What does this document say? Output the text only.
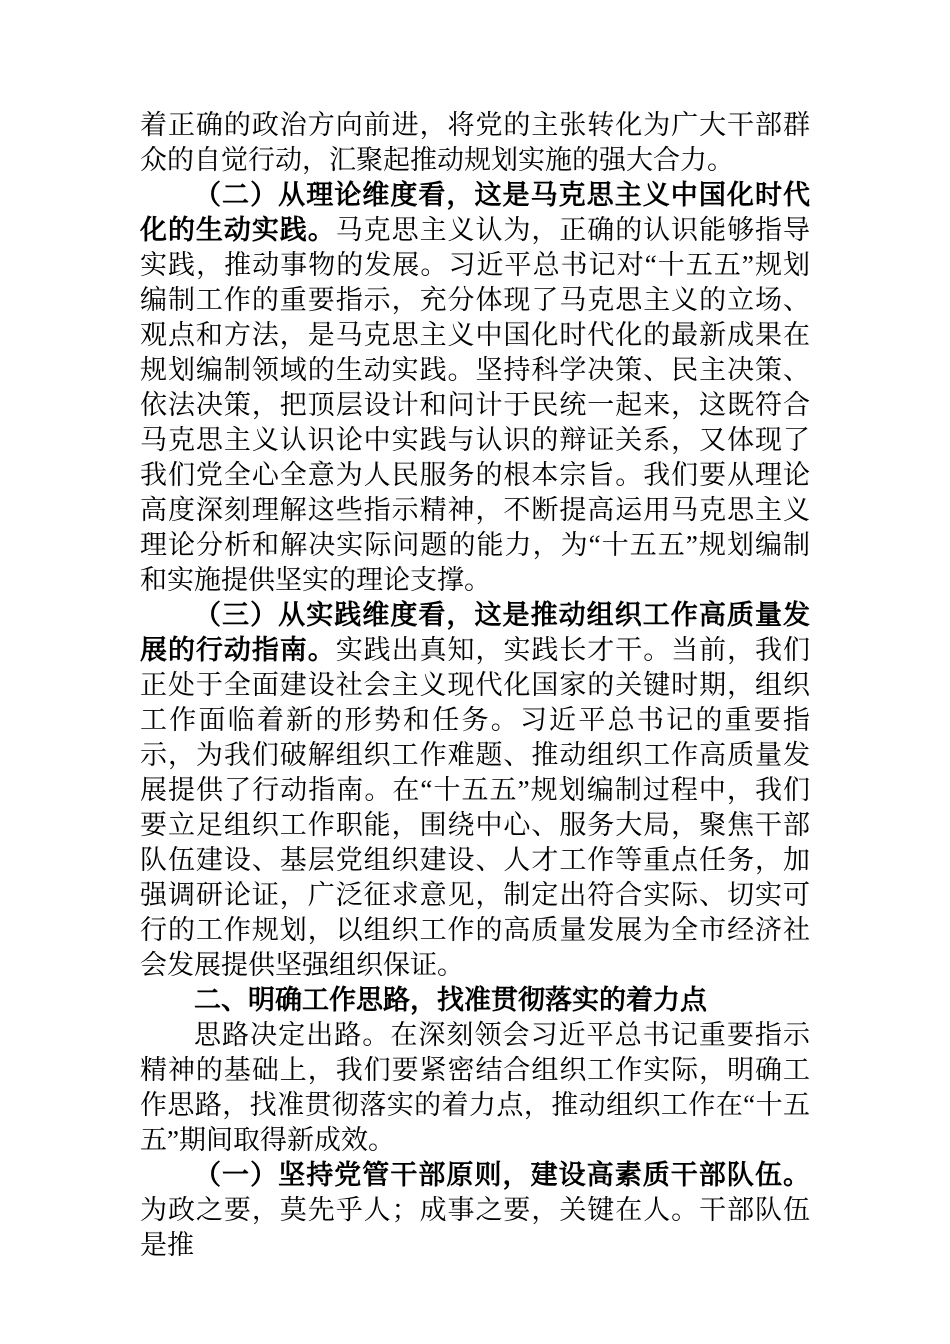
着正确的政治方向前进，将党的主张转化为广大干部群众的自觉行动，汇聚起推动规划实施的强大合力。

（二）从理论维度看，这是马克思主义中国化时代化的生动实践。马克思主义认为，正确的认识能够指导实践，推动事物的发展。习近平总书记对“十五五”规划编制工作的重要指示，充分体现了马克思主义的立场、观点和方法，是马克思主义中国化时代化的最新成果在规划编制领域的生动实践。坚持科学决策、民主决策、依法决策，把顶层设计和问计于民统一起来，这既符合马克思主义认识论中实践与认识的辩证关系，又体现了我们党全心全意为人民服务的根本宗旨。我们要从理论高度深刻理解这些指示精神，不断提高运用马克思主义理论分析和解决实际问题的能力，为“十五五”规划编制和实施提供坚实的理论支撑。

（三）从实践维度看，这是推动组织工作高质量发展的行动指南。实践出真知，实践长才干。当前，我们正处于全面建设社会主义现代化国家的关键时期，组织工作面临着新的形势和任务。习近平总书记的重要指示，为我们破解组织工作难题、推动组织工作高质量发展提供了行动指南。在“十五五”规划编制过程中，我们要立足组织工作职能，围绕中心、服务大局，聚焦干部队伍建设、基层党组织建设、人才工作等重点任务，加强调研论证，广泛征求意见，制定出符合实际、切实可行的工作规划，以组织工作的高质量发展为全市经济社会发展提供坚强组织保证。

二、明确工作思路，找准贯彻落实的着力点

思路决定出路。在深刻领会习近平总书记重要指示精神的基础上，我们要紧密结合组织工作实际，明确工作思路，找准贯彻落实的着力点，推动组织工作在“十五五”期间取得新成效。

（一）坚持党管干部原则，建设高素质干部队伍。为政之要，莫先乎人；成事之要，关键在人。干部队伍是推
